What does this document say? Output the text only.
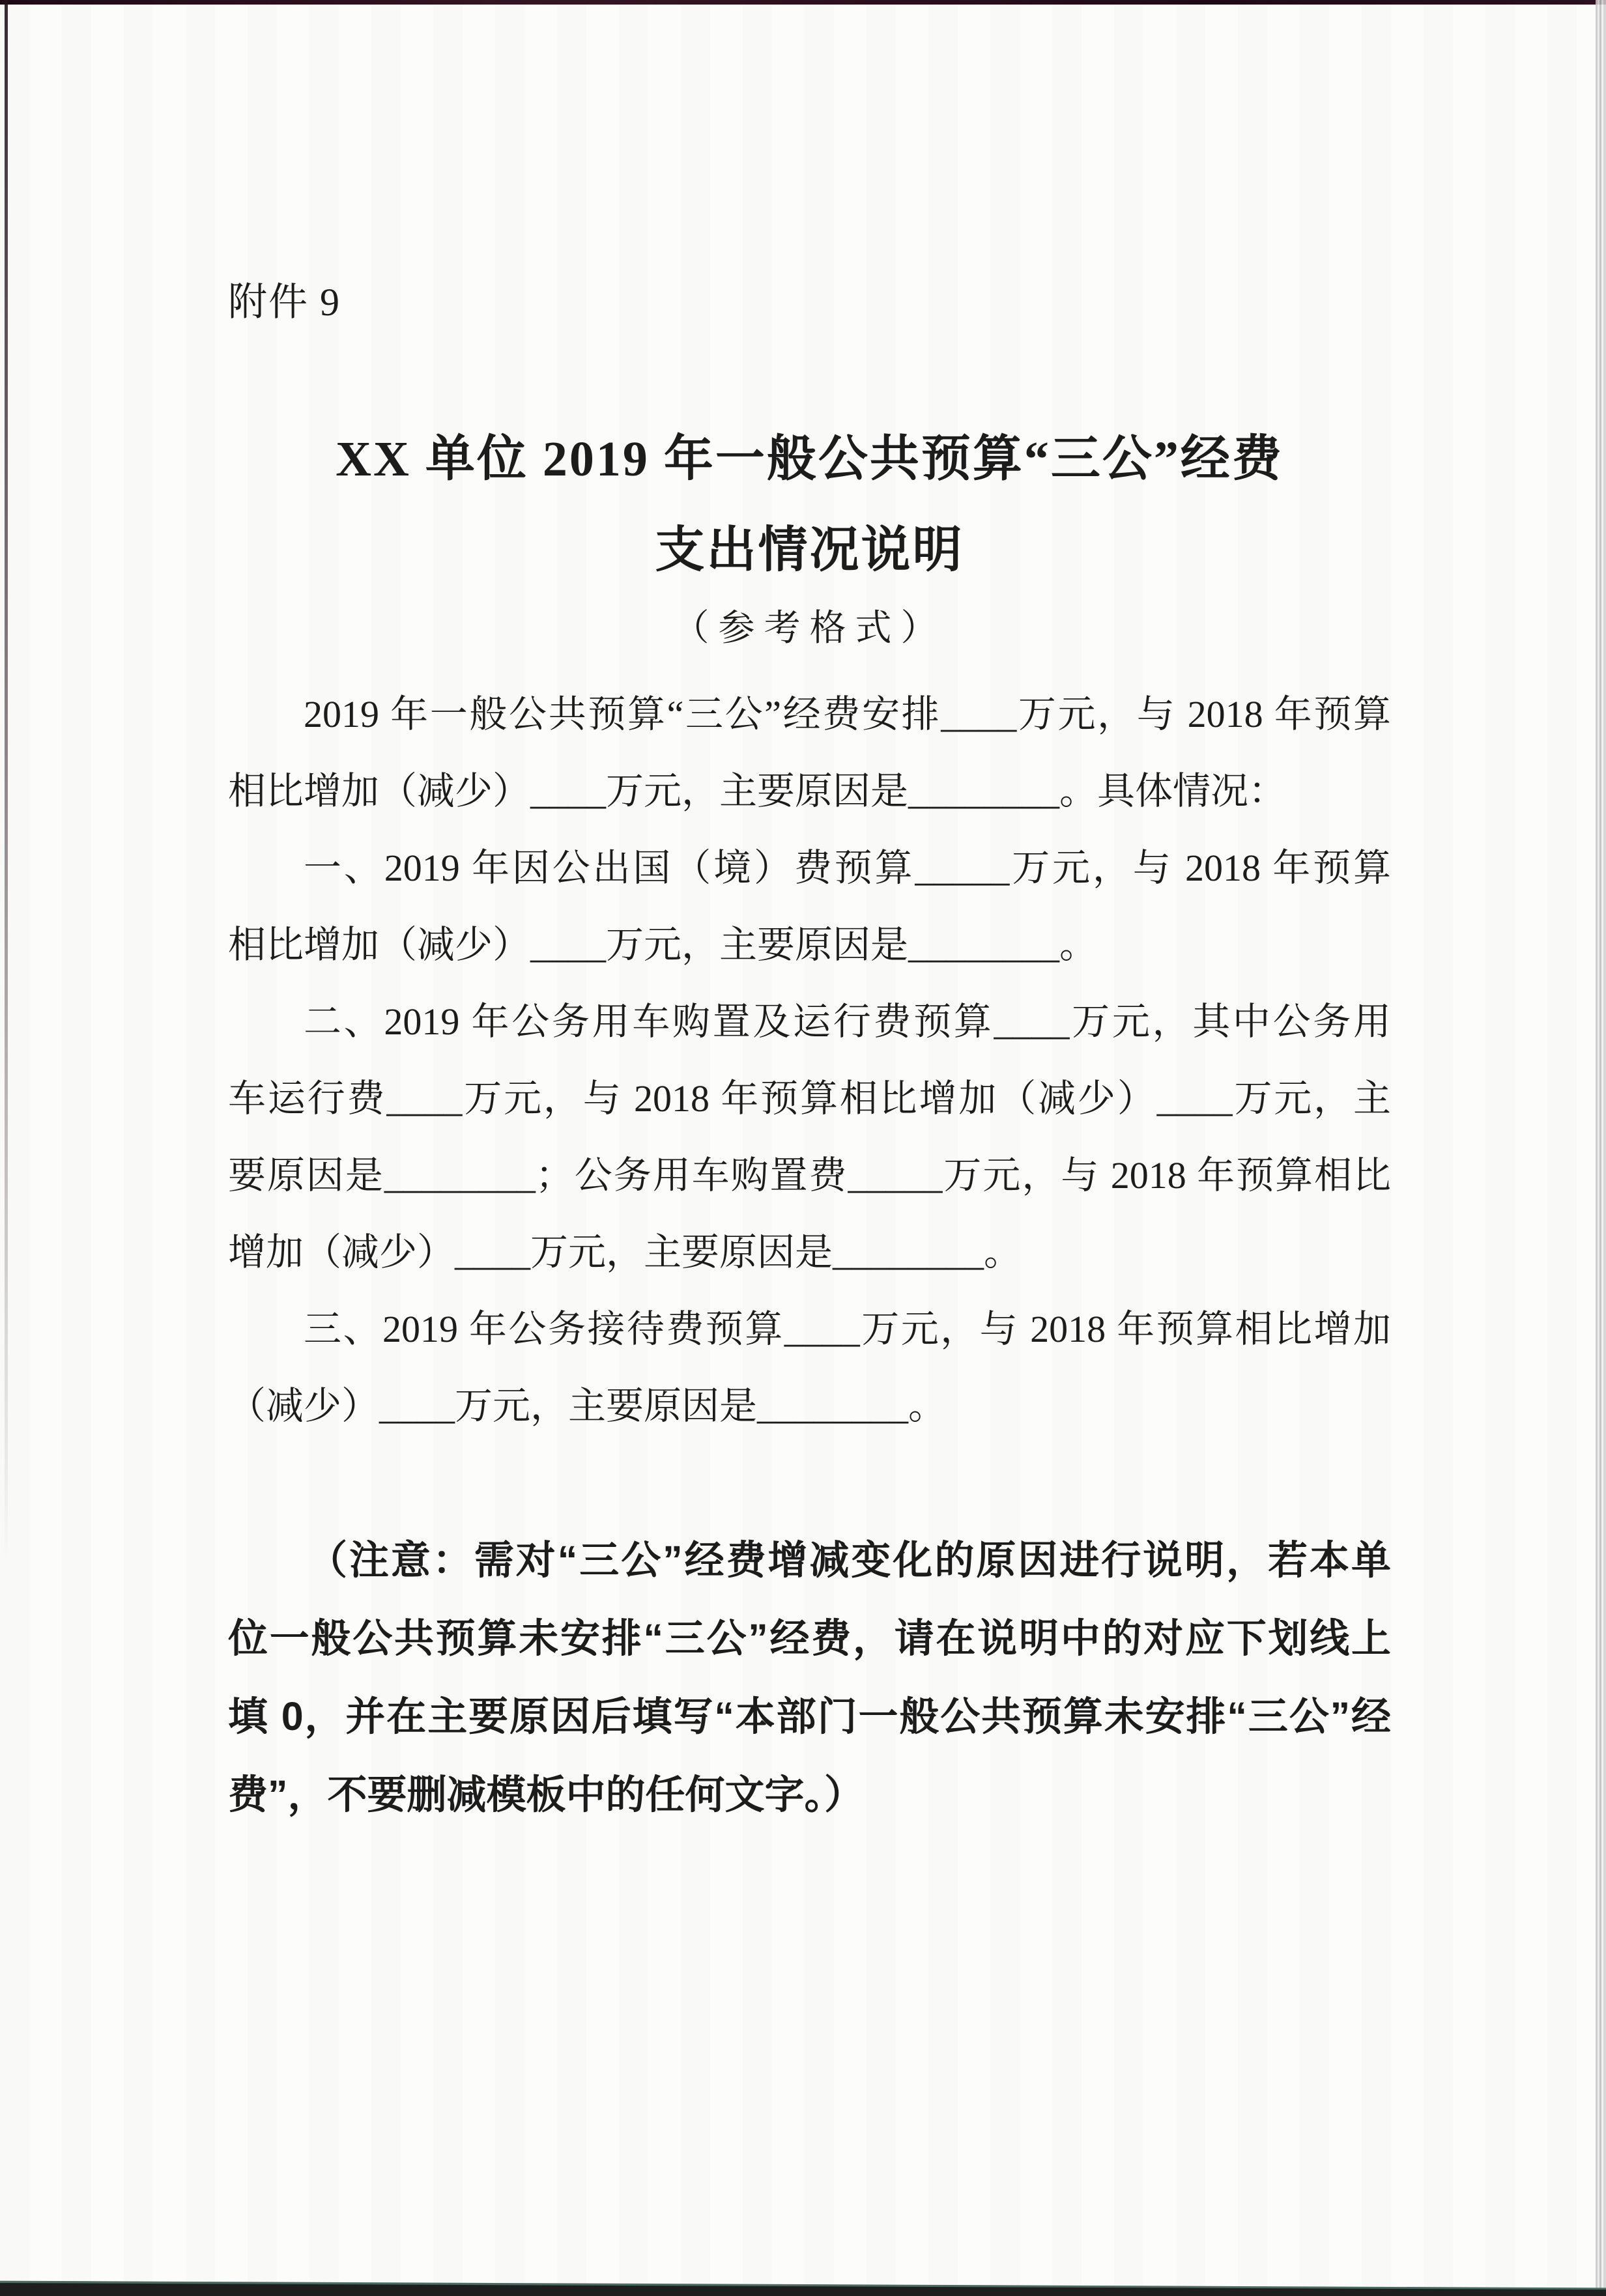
附件 9
XX 单位 2019 年一般公共预算“三公”经费
支出情况说明
（参考格式）
2019 年一般公共预算“三公”经费安排____万元，与 2018 年预算
相比增加（减少）____万元，主要原因是________。具体情况：
一、2019 年因公出国（境）费预算_____万元，与 2018 年预算
相比增加（减少）____万元，主要原因是________。
二、2019 年公务用车购置及运行费预算____万元，其中公务用
车运行费____万元，与 2018 年预算相比增加（减少）____万元，主
要原因是________；公务用车购置费_____万元，与 2018 年预算相比
增加（减少）____万元，主要原因是________。
三、2019 年公务接待费预算____万元，与 2018 年预算相比增加
（减少）____万元，主要原因是________。
（注意：需对“三公”经费增减变化的原因进行说明，若本单
位一般公共预算未安排“三公”经费，请在说明中的对应下划线上
填 0，并在主要原因后填写“本部门一般公共预算未安排“三公”经
费”，不要删减模板中的任何文字。）
